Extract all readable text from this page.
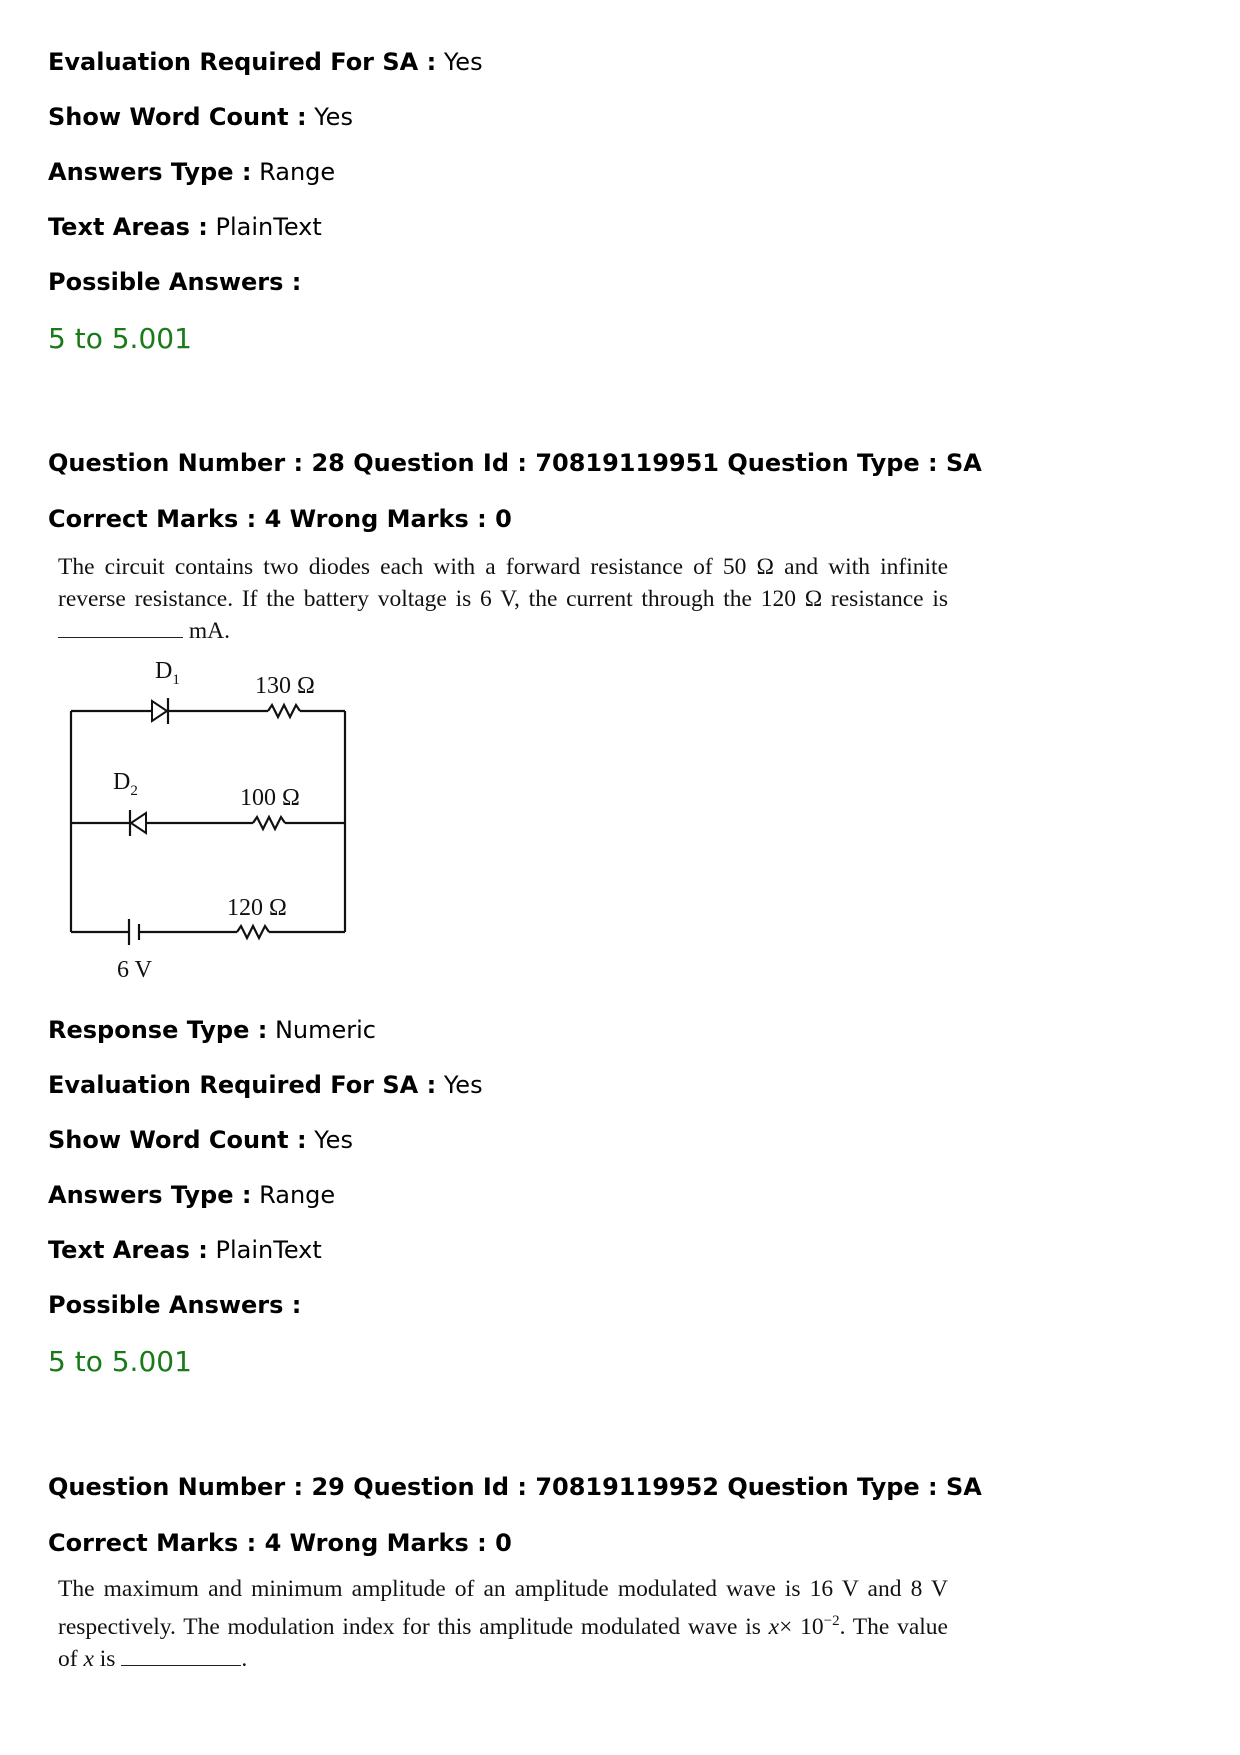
Evaluation Required For SA : Yes
Show Word Count : Yes
Answers Type : Range
Text Areas : PlainText
Possible Answers :
5 to 5.001
Question Number : 28 Question Id : 70819119951 Question Type : SA
Correct Marks : 4 Wrong Marks : 0
The circuit contains two diodes each with a forward resistance of 50 Ω and with infinite reverse resistance. If the battery voltage is 6 V, the current through the 120 Ω resistance is  mA.
$D_1$	130 Ω
$D_2$	100 Ω
120 Ω
6 V
Response Type : Numeric
Evaluation Required For SA : Yes
Show Word Count : Yes
Answers Type : Range
Text Areas : PlainText
Possible Answers :
5 to 5.001
Question Number : 29 Question Id : 70819119952 Question Type : SA
Correct Marks : 4 Wrong Marks : 0
The maximum and minimum amplitude of an amplitude modulated wave is 16 V and 8 V respectively. The modulation index for this amplitude modulated wave is $x\times 10^{-2}$. The value of x is	.
